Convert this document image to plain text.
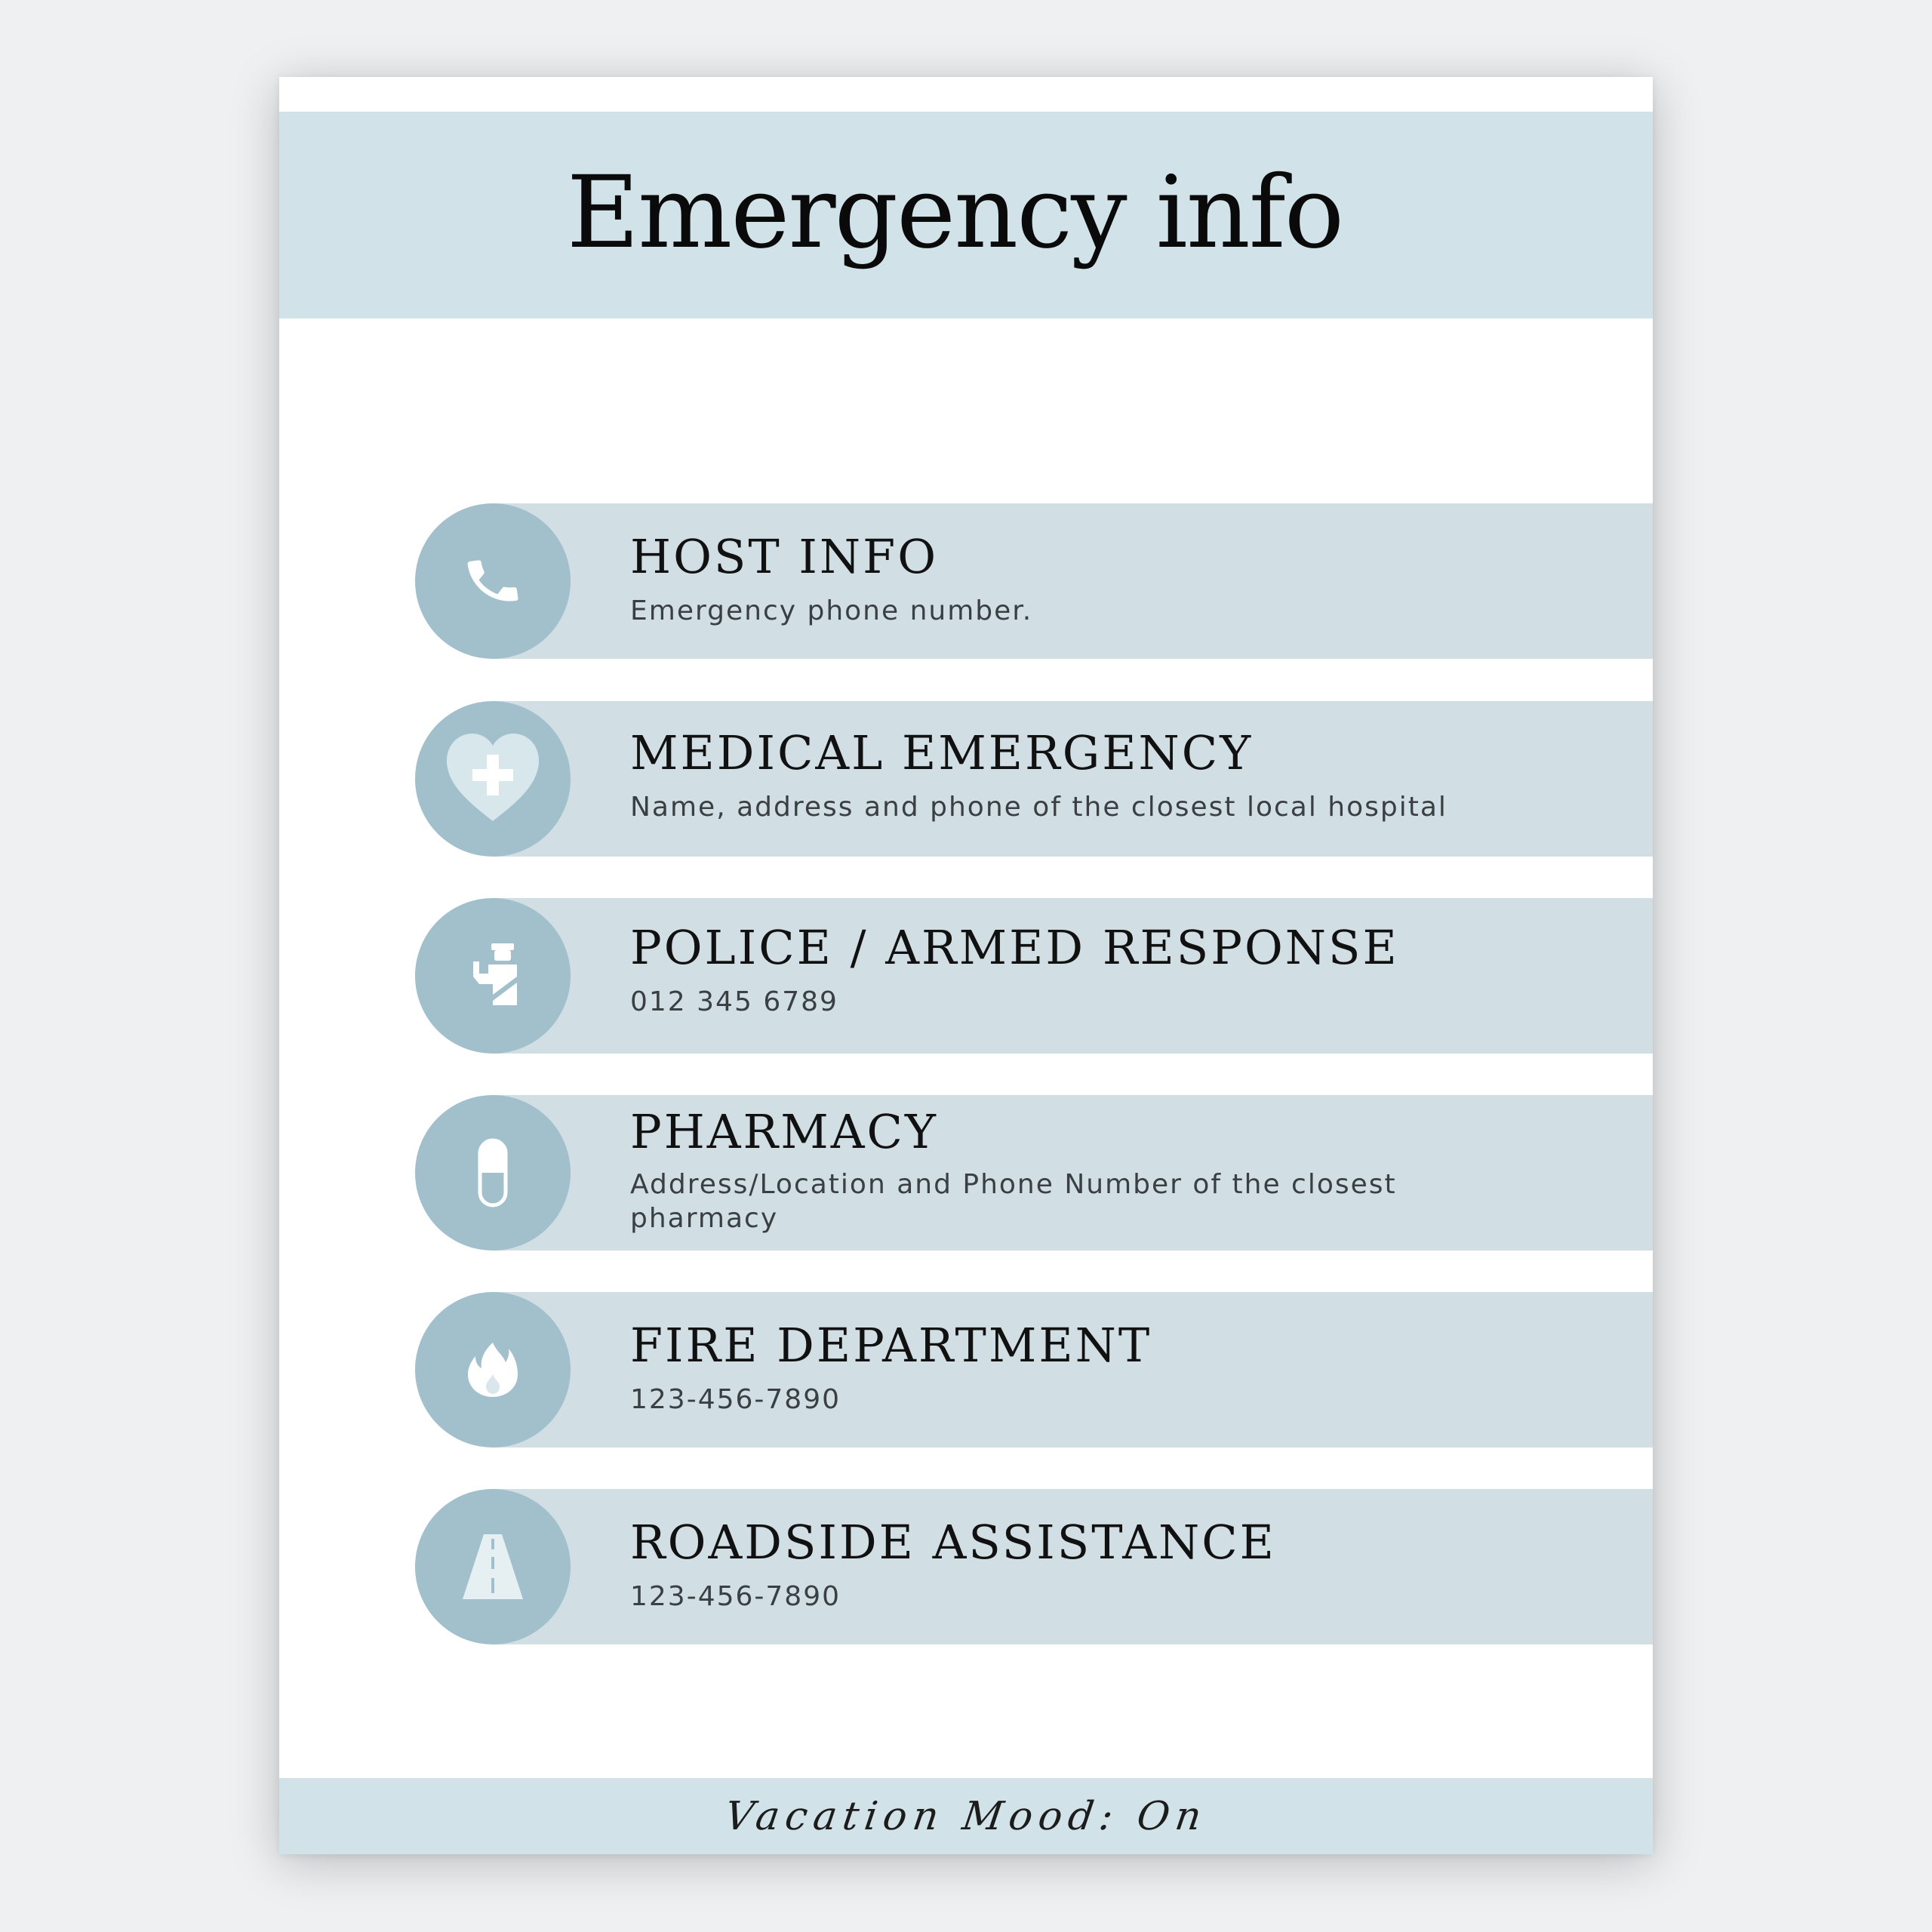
Emergency info
HOST INFO
Emergency phone number.
MEDICAL EMERGENCY
Name, address and phone of the closest local hospital
POLICE / ARMED RESPONSE
012 345 6789
PHARMACY
Address/Location and Phone Number of the closest pharmacy
FIRE DEPARTMENT
123-456-7890
ROADSIDE ASSISTANCE
123-456-7890
Vacation Mood: On
